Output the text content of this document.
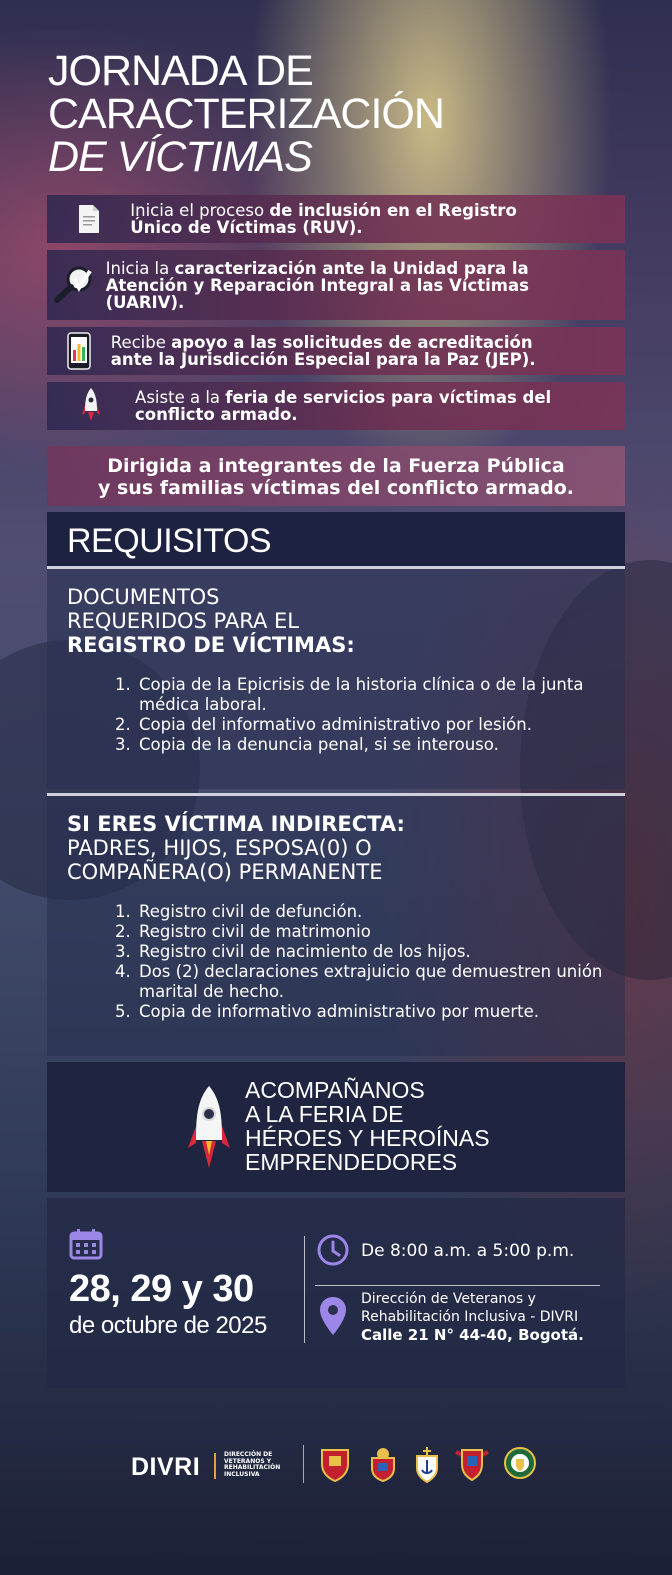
JORNADA DE
CARACTERIZACIÓN
DE VÍCTIMAS
Inicia el proceso de inclusión en el Registro Único de Víctimas (RUV).
Inicia la caracterización ante la Unidad para la Atención y Reparación Integral a las Víctimas (UARIV).
Recibe apoyo a las solicitudes de acreditación ante la Jurisdicción Especial para la Paz (JEP).
Asiste a la feria de servicios para víctimas del conflicto armado.
Dirigida a integrantes de la Fuerza Pública
y sus familias víctimas del conflicto armado.
REQUISITOS
DOCUMENTOS
REQUERIDOS PARA EL
REGISTRO DE VÍCTIMAS:
1. Copia de la Epicrisis de la historia clínica o de la junta médica laboral.
2. Copia del informativo administrativo por lesión.
3. Copia de la denuncia penal, si se interouso.
SI ERES VÍCTIMA INDIRECTA:
PADRES, HIJOS, ESPOSA(0) O
COMPAÑERA(O) PERMANENTE
1. Registro civil de defunción.
2. Registro civil de matrimonio
3. Registro civil de nacimiento de los hijos.
4. Dos (2) declaraciones extrajuicio que demuestren unión marital de hecho.
5. Copia de informativo administrativo por muerte.
ACOMPAÑANOS
A LA FERIA DE
HÉROES Y HEROÍNAS
EMPRENDEDORES
28, 29 y 30
de octubre de 2025
De 8:00 a.m. a 5:00 p.m.
Dirección de Veteranos y
Rehabilitación Inclusiva - DIVRI
Calle 21 N° 44-40, Bogotá.
DIVRI	DIRECCIÓN DE
VETERANOS Y
REHABILITACIÓN
INCLUSIVA
